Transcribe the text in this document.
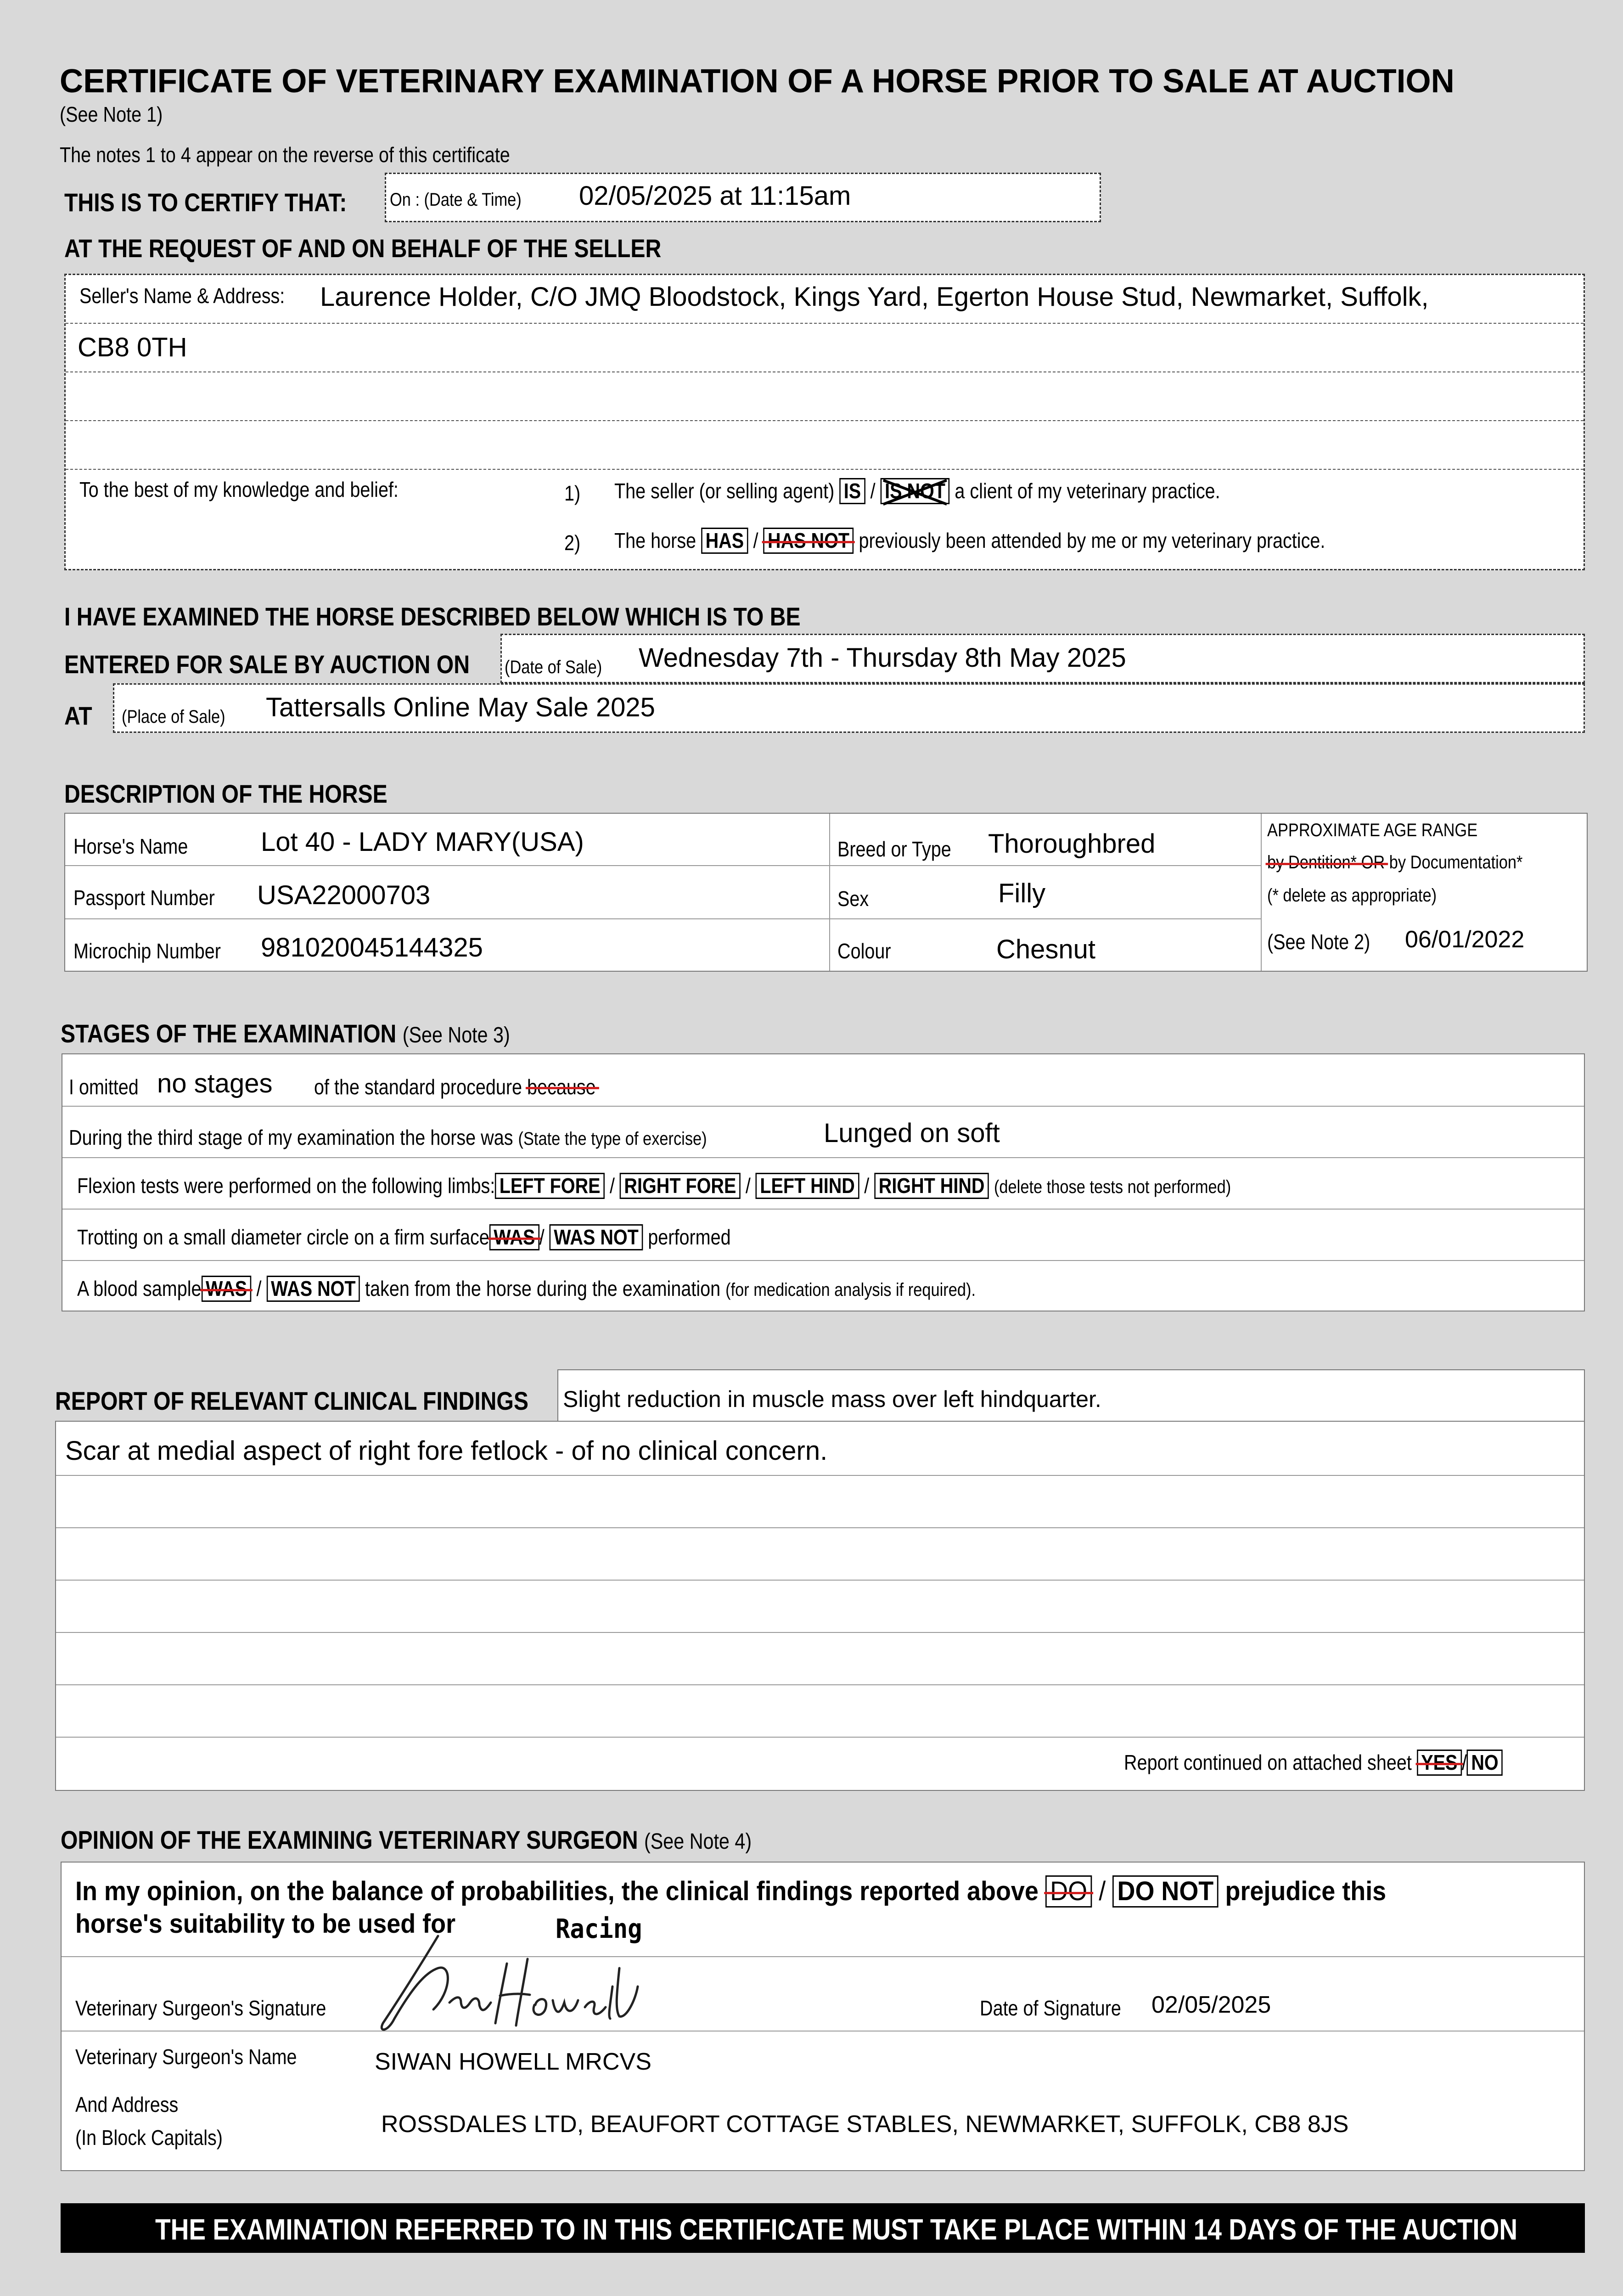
CERTIFICATE OF VETERINARY EXAMINATION OF A HORSE PRIOR TO SALE AT AUCTION
(See Note 1)
The notes 1 to 4 appear on the reverse of this certificate
THIS IS TO CERTIFY THAT: On : (Date & Time) 02/05/2025 at 11:15am
AT THE REQUEST OF AND ON BEHALF OF THE SELLER
Seller's Name & Address: Laurence Holder, C/O JMQ Bloodstock, Kings Yard, Egerton House Stud, Newmarket, Suffolk,
CB8 0TH
To the best of my knowledge and belief:	1) The seller (or selling agent) IS / IS NOT a client of my veterinary practice.
2) The horse HAS / HAS NOT previously been attended by me or my veterinary practice.
I HAVE EXAMINED THE HORSE DESCRIBED BELOW WHICH IS TO BE
ENTERED FOR SALE BY AUCTION ON (Date of Sale) Wednesday 7th - Thursday 8th May 2025
AT (Place of Sale) Tattersalls Online May Sale 2025
DESCRIPTION OF THE HORSE
Horse's Name	Lot 40 - LADY MARY(USA)
Passport Number USA22000703
Microchip Number 981020045144325
Breed or Type Thoroughbred
Sex	Filly
Colour	Chesnut
APPROXIMATE AGE RANGE
by Dentition* OR by Documentation*
(* delete as appropriate)
(See Note 2) 06/01/2022
STAGES OF THE EXAMINATION (See Note 3)
I omitted no stages of the standard procedure because
During the third stage of my examination the horse was (State the type of exercise)	Lunged on soft
Flexion tests were performed on the following limbs: LEFT FORE / RIGHT FORE / LEFT HIND / RIGHT HIND (delete those tests not performed)
Trotting on a small diameter circle on a firm surface WAS / WAS NOT performed
A blood sample WAS / WAS NOT taken from the horse during the examination (for medication analysis if required).
REPORT OF RELEVANT CLINICAL FINDINGS Slight reduction in muscle mass over left hindquarter.
Scar at medial aspect of right fore fetlock - of no clinical concern.
Report continued on attached sheet YES / NO
OPINION OF THE EXAMINING VETERINARY SURGEON (See Note 4)
In my opinion, on the balance of probabilities, the clinical findings reported above DO / DO NOT prejudice this
horse's suitability to be used for	Racing
Veterinary Surgeon's Signature	Date of Signature 02/05/2025
Veterinary Surgeon's Name	SIWAN HOWELL MRCVS
And Address
(In Block Capitals)	ROSSDALES LTD, BEAUFORT COTTAGE STABLES, NEWMARKET, SUFFOLK, CB8 8JS
THE EXAMINATION REFERRED TO IN THIS CERTIFICATE MUST TAKE PLACE WITHIN 14 DAYS OF THE AUCTION
